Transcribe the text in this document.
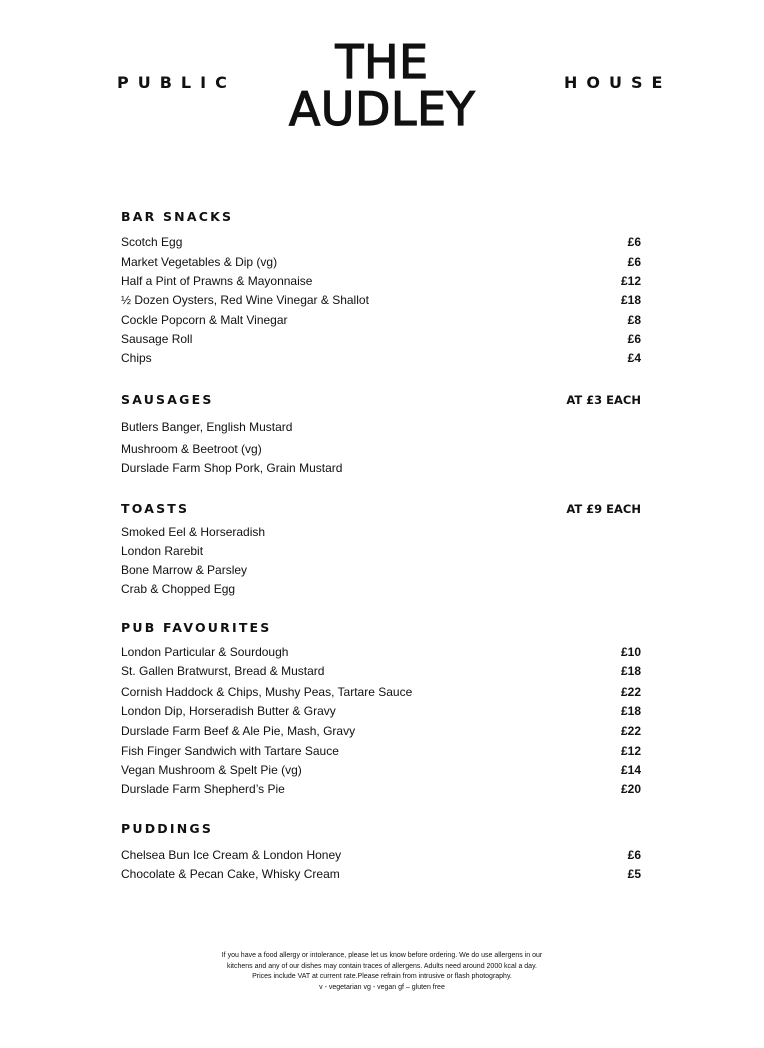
PUBLIC	THE
AUDLEY	HOUSE
BAR SNACKS
Scotch Egg	£6
Market Vegetables & Dip (vg)	£6
Half a Pint of Prawns & Mayonnaise	£12
½ Dozen Oysters, Red Wine Vinegar & Shallot	£18
Cockle Popcorn & Malt Vinegar	£8
Sausage Roll	£6
Chips	£4
SAUSAGES	AT £3 EACH
Butlers Banger, English Mustard
Mushroom & Beetroot (vg)
Durslade Farm Shop Pork, Grain Mustard
TOASTS	AT £9 EACH
Smoked Eel & Horseradish
London Rarebit
Bone Marrow & Parsley
Crab & Chopped Egg
PUB FAVOURITES
London Particular & Sourdough	£10
St. Gallen Bratwurst, Bread & Mustard	£18
Cornish Haddock & Chips, Mushy Peas, Tartare Sauce	£22
London Dip, Horseradish Butter & Gravy	£18
Durslade Farm Beef & Ale Pie, Mash, Gravy	£22
Fish Finger Sandwich with Tartare Sauce	£12
Vegan Mushroom & Spelt Pie (vg)	£14
Durslade Farm Shepherd’s Pie	£20
PUDDINGS
Chelsea Bun Ice Cream & London Honey	£6
Chocolate & Pecan Cake, Whisky Cream	£5
If you have a food allergy or intolerance, please let us know before ordering. We do use allergens in our
kitchens and any of our dishes may contain traces of allergens. Adults need around 2000 kcal a day.
Prices include VAT at current rate.Please refrain from intrusive or flash photography.
v - vegetarian vg - vegan gf – gluten free
